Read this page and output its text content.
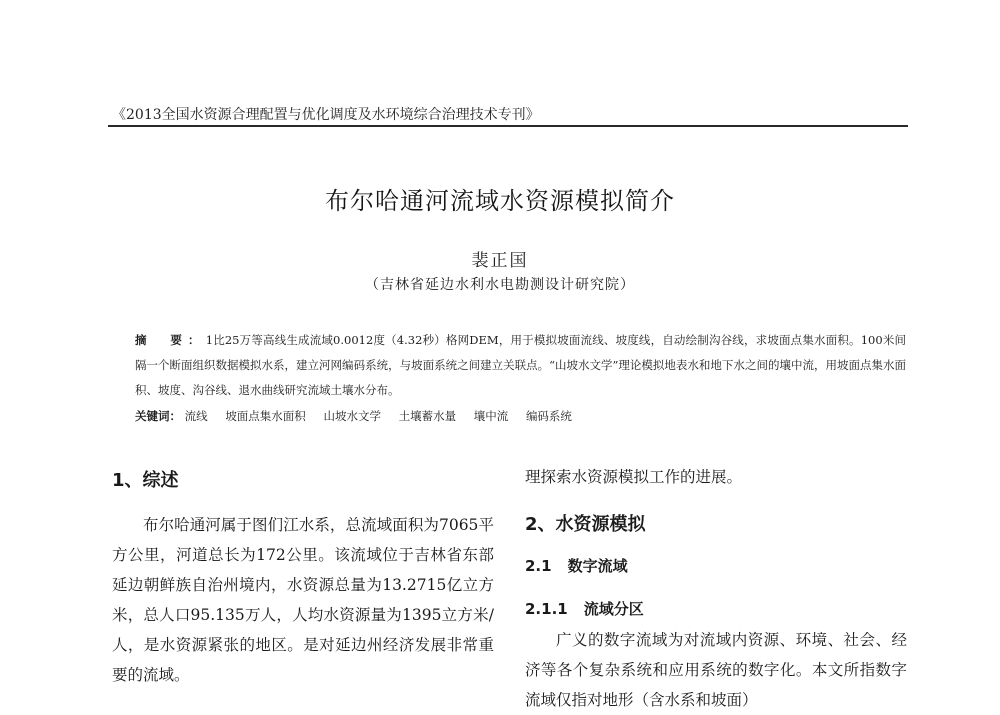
《2013全国水资源合理配置与优化调度及水环境综合治理技术专刊》
布尔哈通河流域水资源模拟简介
裴正国
（吉林省延边水利水电勘测设计研究院）
摘　要：1比25万等高线生成流域0.0012度（4.32秒）格网DEM，用于模拟坡面流线、坡度线，自动绘制沟谷线，求坡面点集水面积。100米间隔一个断面组织数据模拟水系，建立河网编码系统，与坡面系统之间建立关联点。“山坡水文学”理论模拟地表水和地下水之间的壤中流，用坡面点集水面积、坡度、沟谷线、退水曲线研究流域土壤水分布。
关键词： 流线 坡面点集水面积 山坡水文学 土壤蓄水量 壤中流 编码系统
1、综述

布尔哈通河属于图们江水系，总流域面积为7065平方公里，河道总长为172公里。该流域位于吉林省东部延边朝鲜族自治州境内，水资源总量为13.2715亿立方米，总人口95.135万人，人均水资源量为1395立方米/人，是水资源紧张的地区。是对延边州经济发展非常重要的流域。

理探索水资源模拟工作的进展。

2、水资源模拟
2.1 数字流域
2.1.1 流域分区

广义的数字流域为对流域内资源、环境、社会、经济等各个复杂系统和应用系统的数字化。本文所指数字流域仅指对地形（含水系和坡面）
